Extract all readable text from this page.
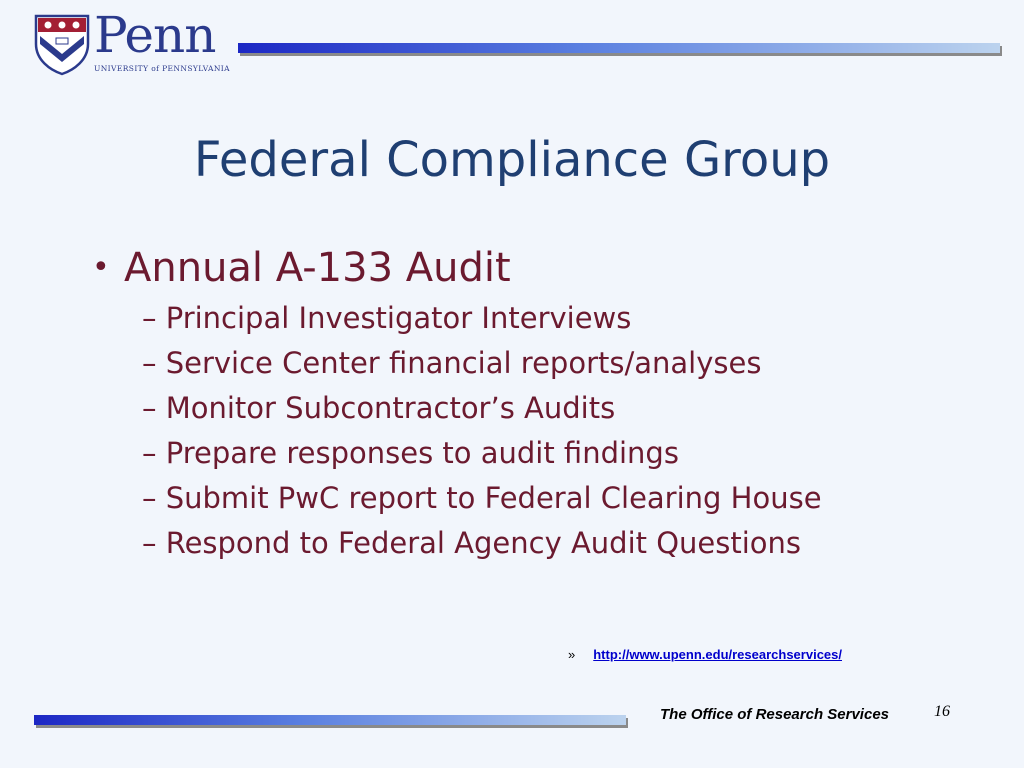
Penn
UNIVERSITY of PENNSYLVANIA
Federal Compliance Group
• Annual A-133 Audit
– Principal Investigator Interviews
– Service Center financial reports/analyses
– Monitor Subcontractor’s Audits
– Prepare responses to audit findings
– Submit PwC report to Federal Clearing House
– Respond to Federal Agency Audit Questions
» http://www.upenn.edu/researchservices/
The Office of Research Services	16
